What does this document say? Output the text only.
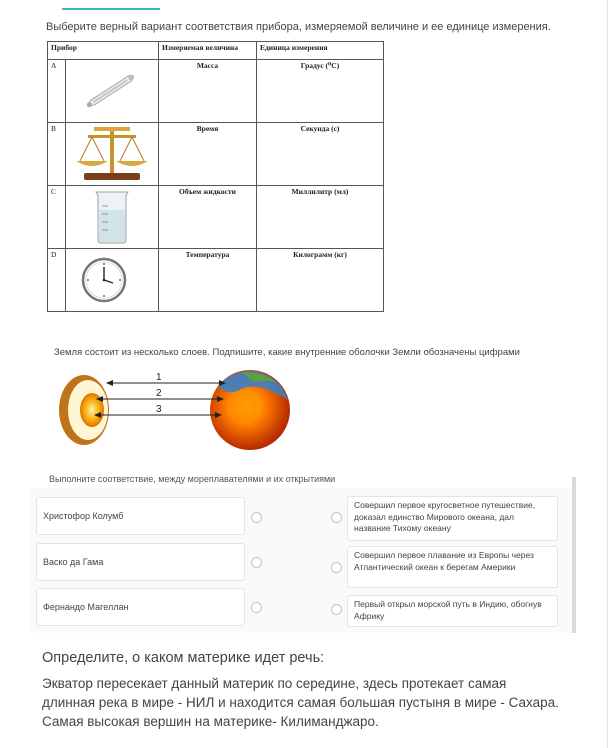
Выберите верный вариант соответствия прибора, измеряемой величине и ее единице измерения.
Прибор		Измеряемая величина	Единица измерения
A		Масса	Градус (⁰С)
B		Время	Секунда (с)
C		Объем жидкости	Миллилитр (мл)
D		Температура	Килограмм (кг)
Земля состоит из несколько слоев. Подпишите, какие внутренние оболочки Земли обозначены цифрами
1
2
3
Выполните соответствие, между мореплавателями и их открытиями
Христофор Колумб
Васко да Гама
Фернандо Магеллан
Совершил первое кругосветное путешествие, доказал единство Мирового океана, дал название Тихому океану
Совершил первое плавание из Европы через Атлантический океан к берегам Америки
Первый открыл морской путь в Индию, обогнув Африку
Определите, о каком материке идет речь:
Экватор пересекает данный материк по середине, здесь протекает самая длинная река в мире - НИЛ и находится самая большая пустыня в мире - Сахара. Самая высокая вершин на материке- Килиманджаро.
